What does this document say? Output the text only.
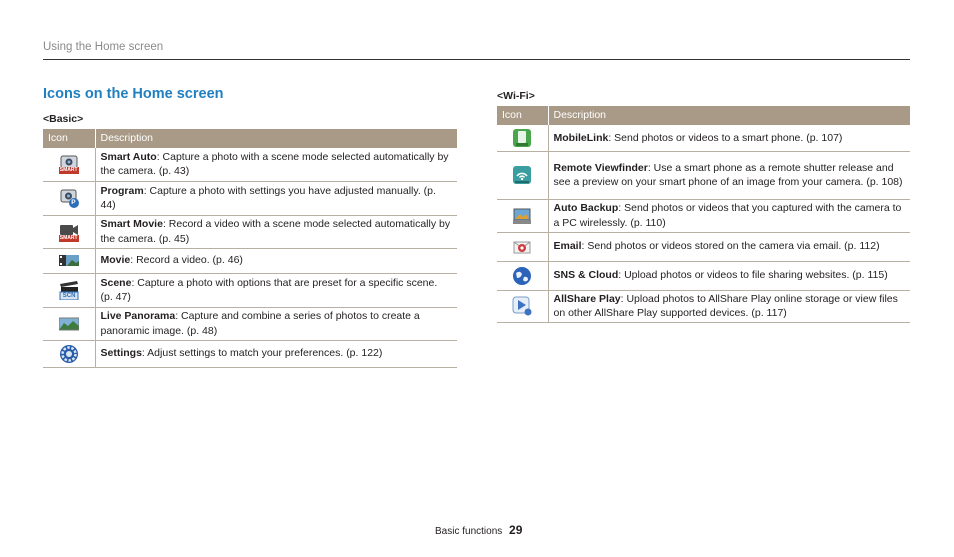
Using the Home screen
Icons on the Home screen
<Basic>
Icon	Description

SMART	Smart Auto: Capture a photo with a scene mode selected automatically by the camera. (p. 43)

P	Program: Capture a photo with settings you have adjusted manually. (p. 44)

SMART	Smart Movie: Record a video with a scene mode selected automatically by the camera. (p. 45)
	Movie: Record a video. (p. 46)

SCN	Scene: Capture a photo with options that are preset for a specific scene. (p. 47)
	Live Panorama: Capture and combine a series of photos to create a panoramic image. (p. 48)
	Settings: Adjust settings to match your preferences. (p. 122)
<Wi-Fi>
Icon	Description
	MobileLink: Send photos or videos to a smart phone. (p. 107)
	Remote Viewfinder: Use a smart phone as a remote shutter release and see a preview on your smart phone of an image from your camera. (p. 108)
	Auto Backup: Send photos or videos that you captured with the camera to a PC wirelessly. (p. 110)
	Email: Send photos or videos stored on the camera via email. (p. 112)
	SNS & Cloud: Upload photos or videos to file sharing websites. (p. 115)
	AllShare Play: Upload photos to AllShare Play online storage or view files on other AllShare Play supported devices. (p. 117)
Basic functions 29
